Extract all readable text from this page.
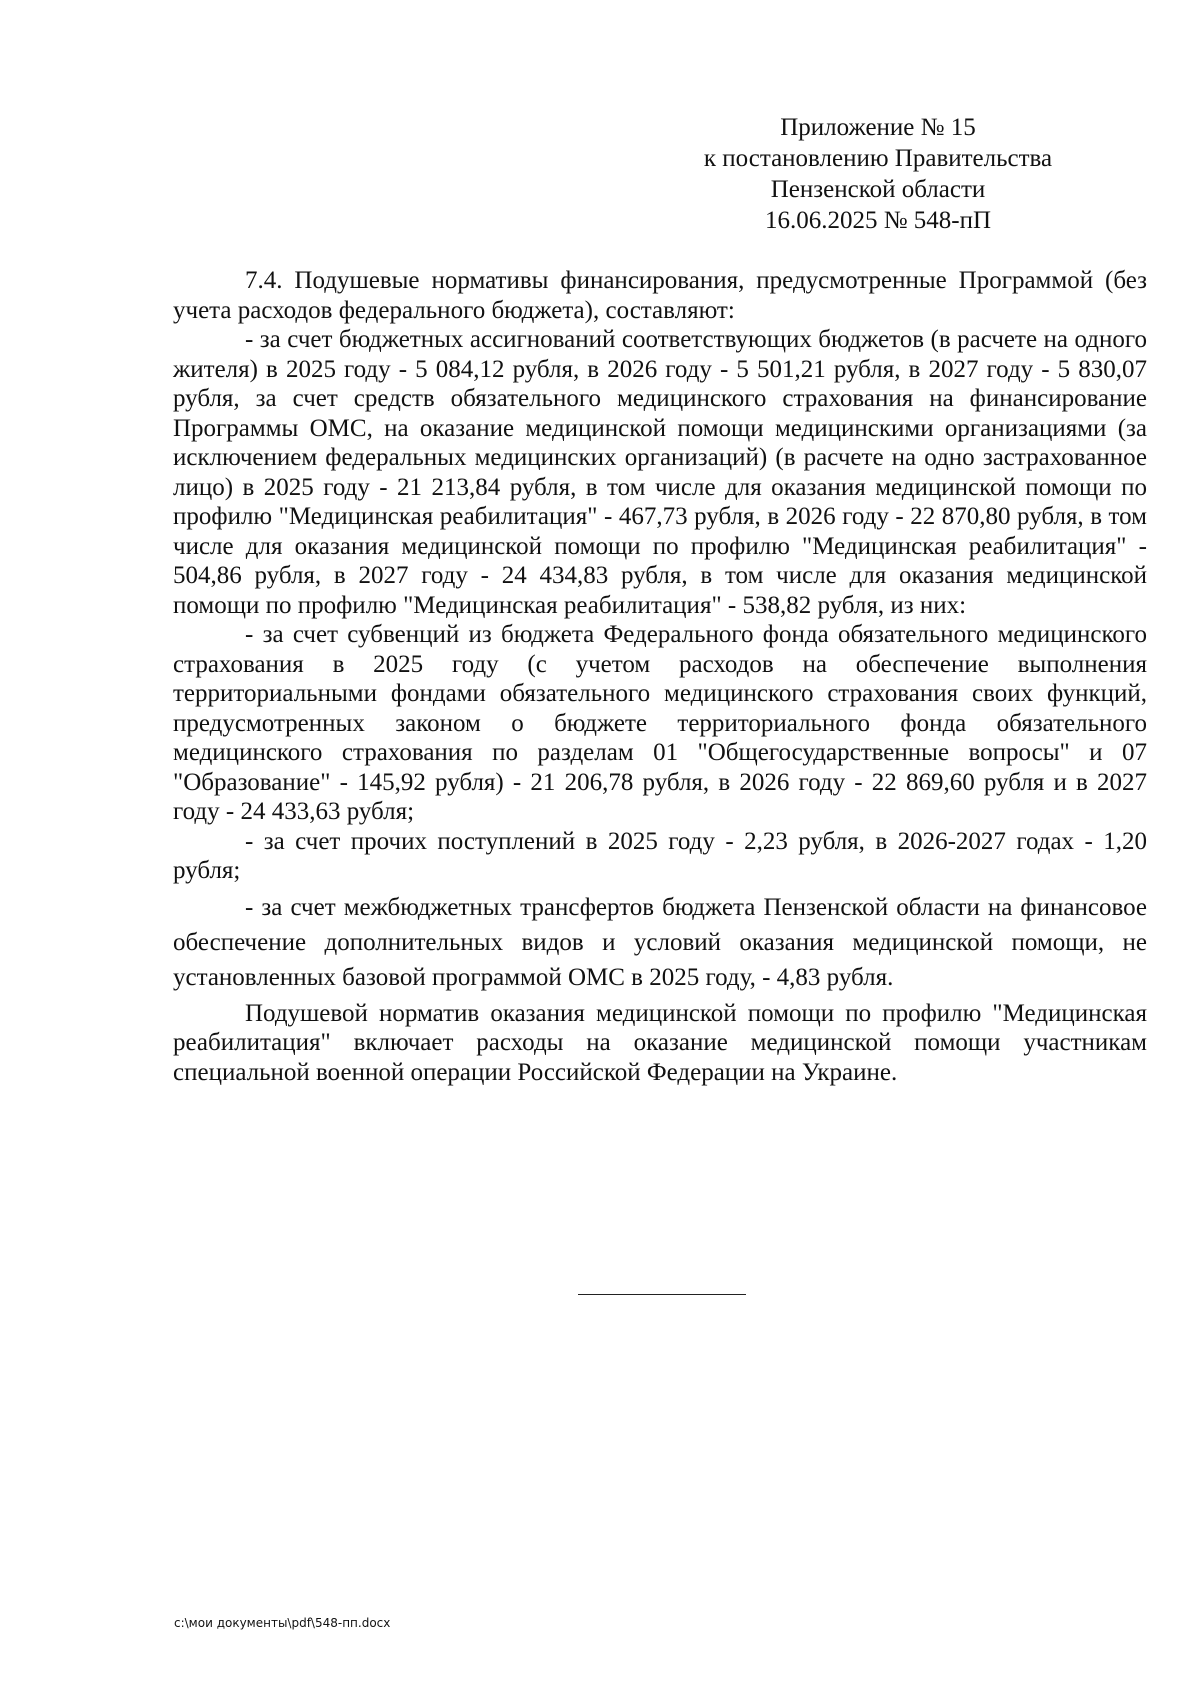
Приложение № 15
к постановлению Правительства
Пензенской области
16.06.2025 № 548-пП

7.4. Подушевые нормативы финансирования, предусмотренные Программой (без учета расходов федерального бюджета), составляют:

- за счет бюджетных ассигнований соответствующих бюджетов (в расчете на одного жителя) в 2025 году - 5 084,12 рубля, в 2026 году - 5 501,21 рубля, в 2027 году - 5 830,07 рубля, за счет средств обязательного медицинского страхования на финансирование Программы ОМС, на оказание медицинской помощи медицинскими организациями (за исключением федеральных медицинских организаций) (в расчете на одно застрахованное лицо) в 2025 году - 21 213,84 рубля, в том числе для оказания медицинской помощи по профилю "Медицинская реабилитация" - 467,73 рубля, в 2026 году - 22 870,80 рубля, в том числе для оказания медицинской помощи по профилю "Медицинская реабилитация" - 504,86 рубля, в 2027 году - 24 434,83 рубля, в том числе для оказания медицинской помощи по профилю "Медицинская реабилитация" - 538,82 рубля, из них:

- за счет субвенций из бюджета Федерального фонда обязательного медицинского страхования в 2025 году (с учетом расходов на обеспечение выполнения территориальными фондами обязательного медицинского страхования своих функций, предусмотренных законом о бюджете территориального фонда обязательного медицинского страхования по разделам 01 "Общегосударственные вопросы" и 07 "Образование" - 145,92 рубля) - 21 206,78 рубля, в 2026 году - 22 869,60 рубля и в 2027 году - 24 433,63 рубля;

- за счет прочих поступлений в 2025 году - 2,23 рубля, в 2026-2027 годах - 1,20 рубля;

- за счет межбюджетных трансфертов бюджета Пензенской области на финансовое обеспечение дополнительных видов и условий оказания медицинской помощи, не установленных базовой программой ОМС в 2025 году, - 4,83 рубля.

Подушевой норматив оказания медицинской помощи по профилю "Медицинская реабилитация" включает расходы на оказание медицинской помощи участникам специальной военной операции Российской Федерации на Украине.

c:\мои документы\pdf\548-пп.docx
